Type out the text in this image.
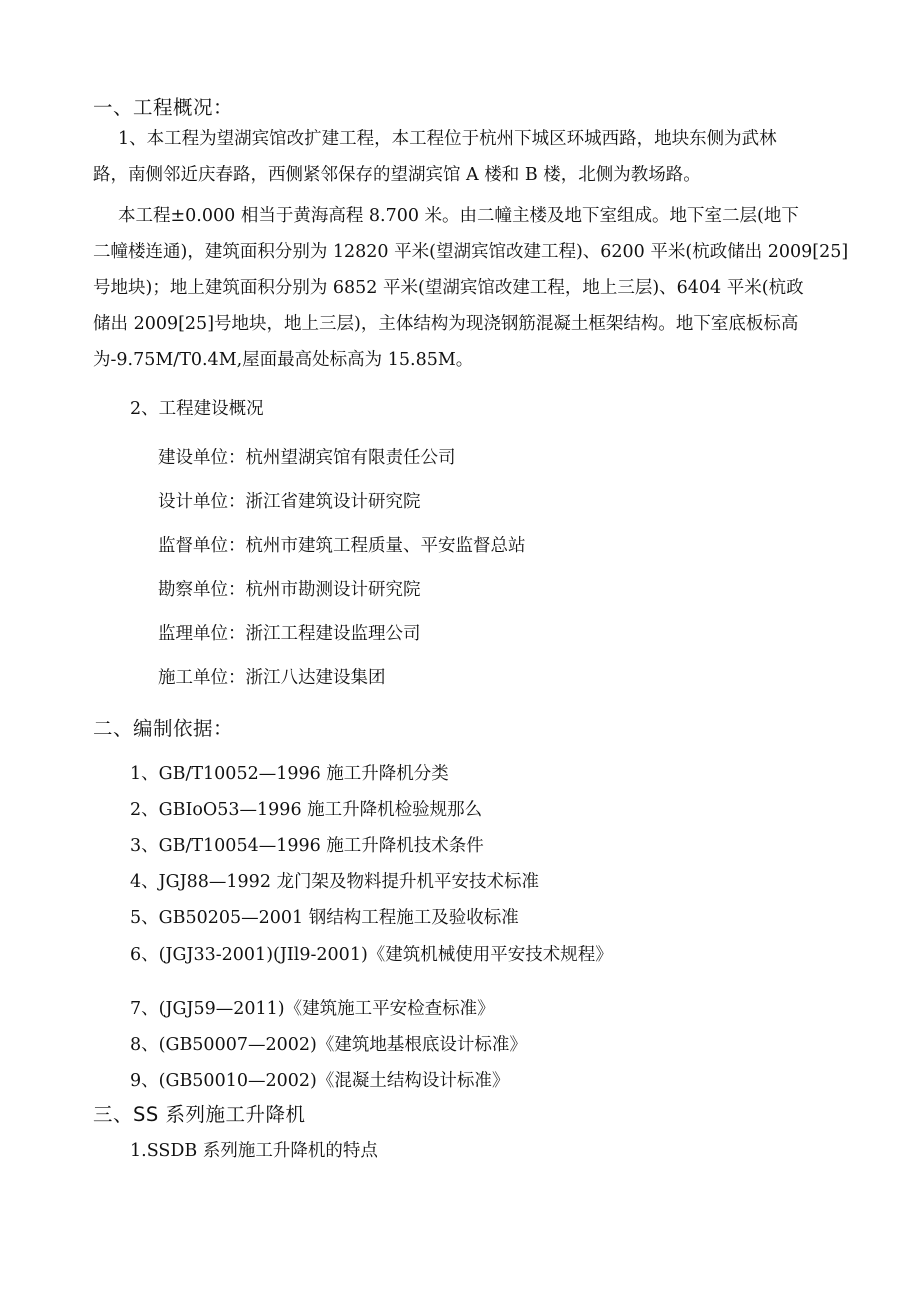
一、工程概况：
1、本工程为望湖宾馆改扩建工程，本工程位于杭州下城区环城西路，地块东侧为武林
路，南侧邻近庆春路，西侧紧邻保存的望湖宾馆 A 楼和 B 楼，北侧为教场路。
本工程±0.000 相当于黄海高程 8.700 米。由二幢主楼及地下室组成。地下室二层(地下
二幢楼连通)，建筑面积分别为 12820 平米(望湖宾馆改建工程)、6200 平米(杭政储出 2009[25]
号地块)；地上建筑面积分别为 6852 平米(望湖宾馆改建工程，地上三层)、6404 平米(杭政
储出 2009[25]号地块，地上三层)，主体结构为现浇钢筋混凝土框架结构。地下室底板标高
为-9.75M/T0.4M,屋面最高处标高为 15.85M。

2、工程建设概况

建设单位：杭州望湖宾馆有限责任公司

设计单位：浙江省建筑设计研究院

监督单位：杭州市建筑工程质量、平安监督总站

勘察单位：杭州市勘测设计研究院

监理单位：浙江工程建设监理公司

施工单位：浙江八达建设集团

二、编制依据：

1、GB/T10052—1996 施工升降机分类

2、GBIoO53—1996 施工升降机检验规那么

3、GB/T10054—1996 施工升降机技术条件

4、JGJ88—1992 龙门架及物料提升机平安技术标准

5、GB50205—2001 钢结构工程施工及验收标准

6、(JGJ33-2001)(JIl9-2001)《建筑机械使用平安技术规程》

7、(JGJ59—2011)《建筑施工平安检查标准》

8、(GB50007—2002)《建筑地基根底设计标准》

9、(GB50010—2002)《混凝土结构设计标准》

三、SS 系列施工升降机

1.SSDB 系列施工升降机的特点
